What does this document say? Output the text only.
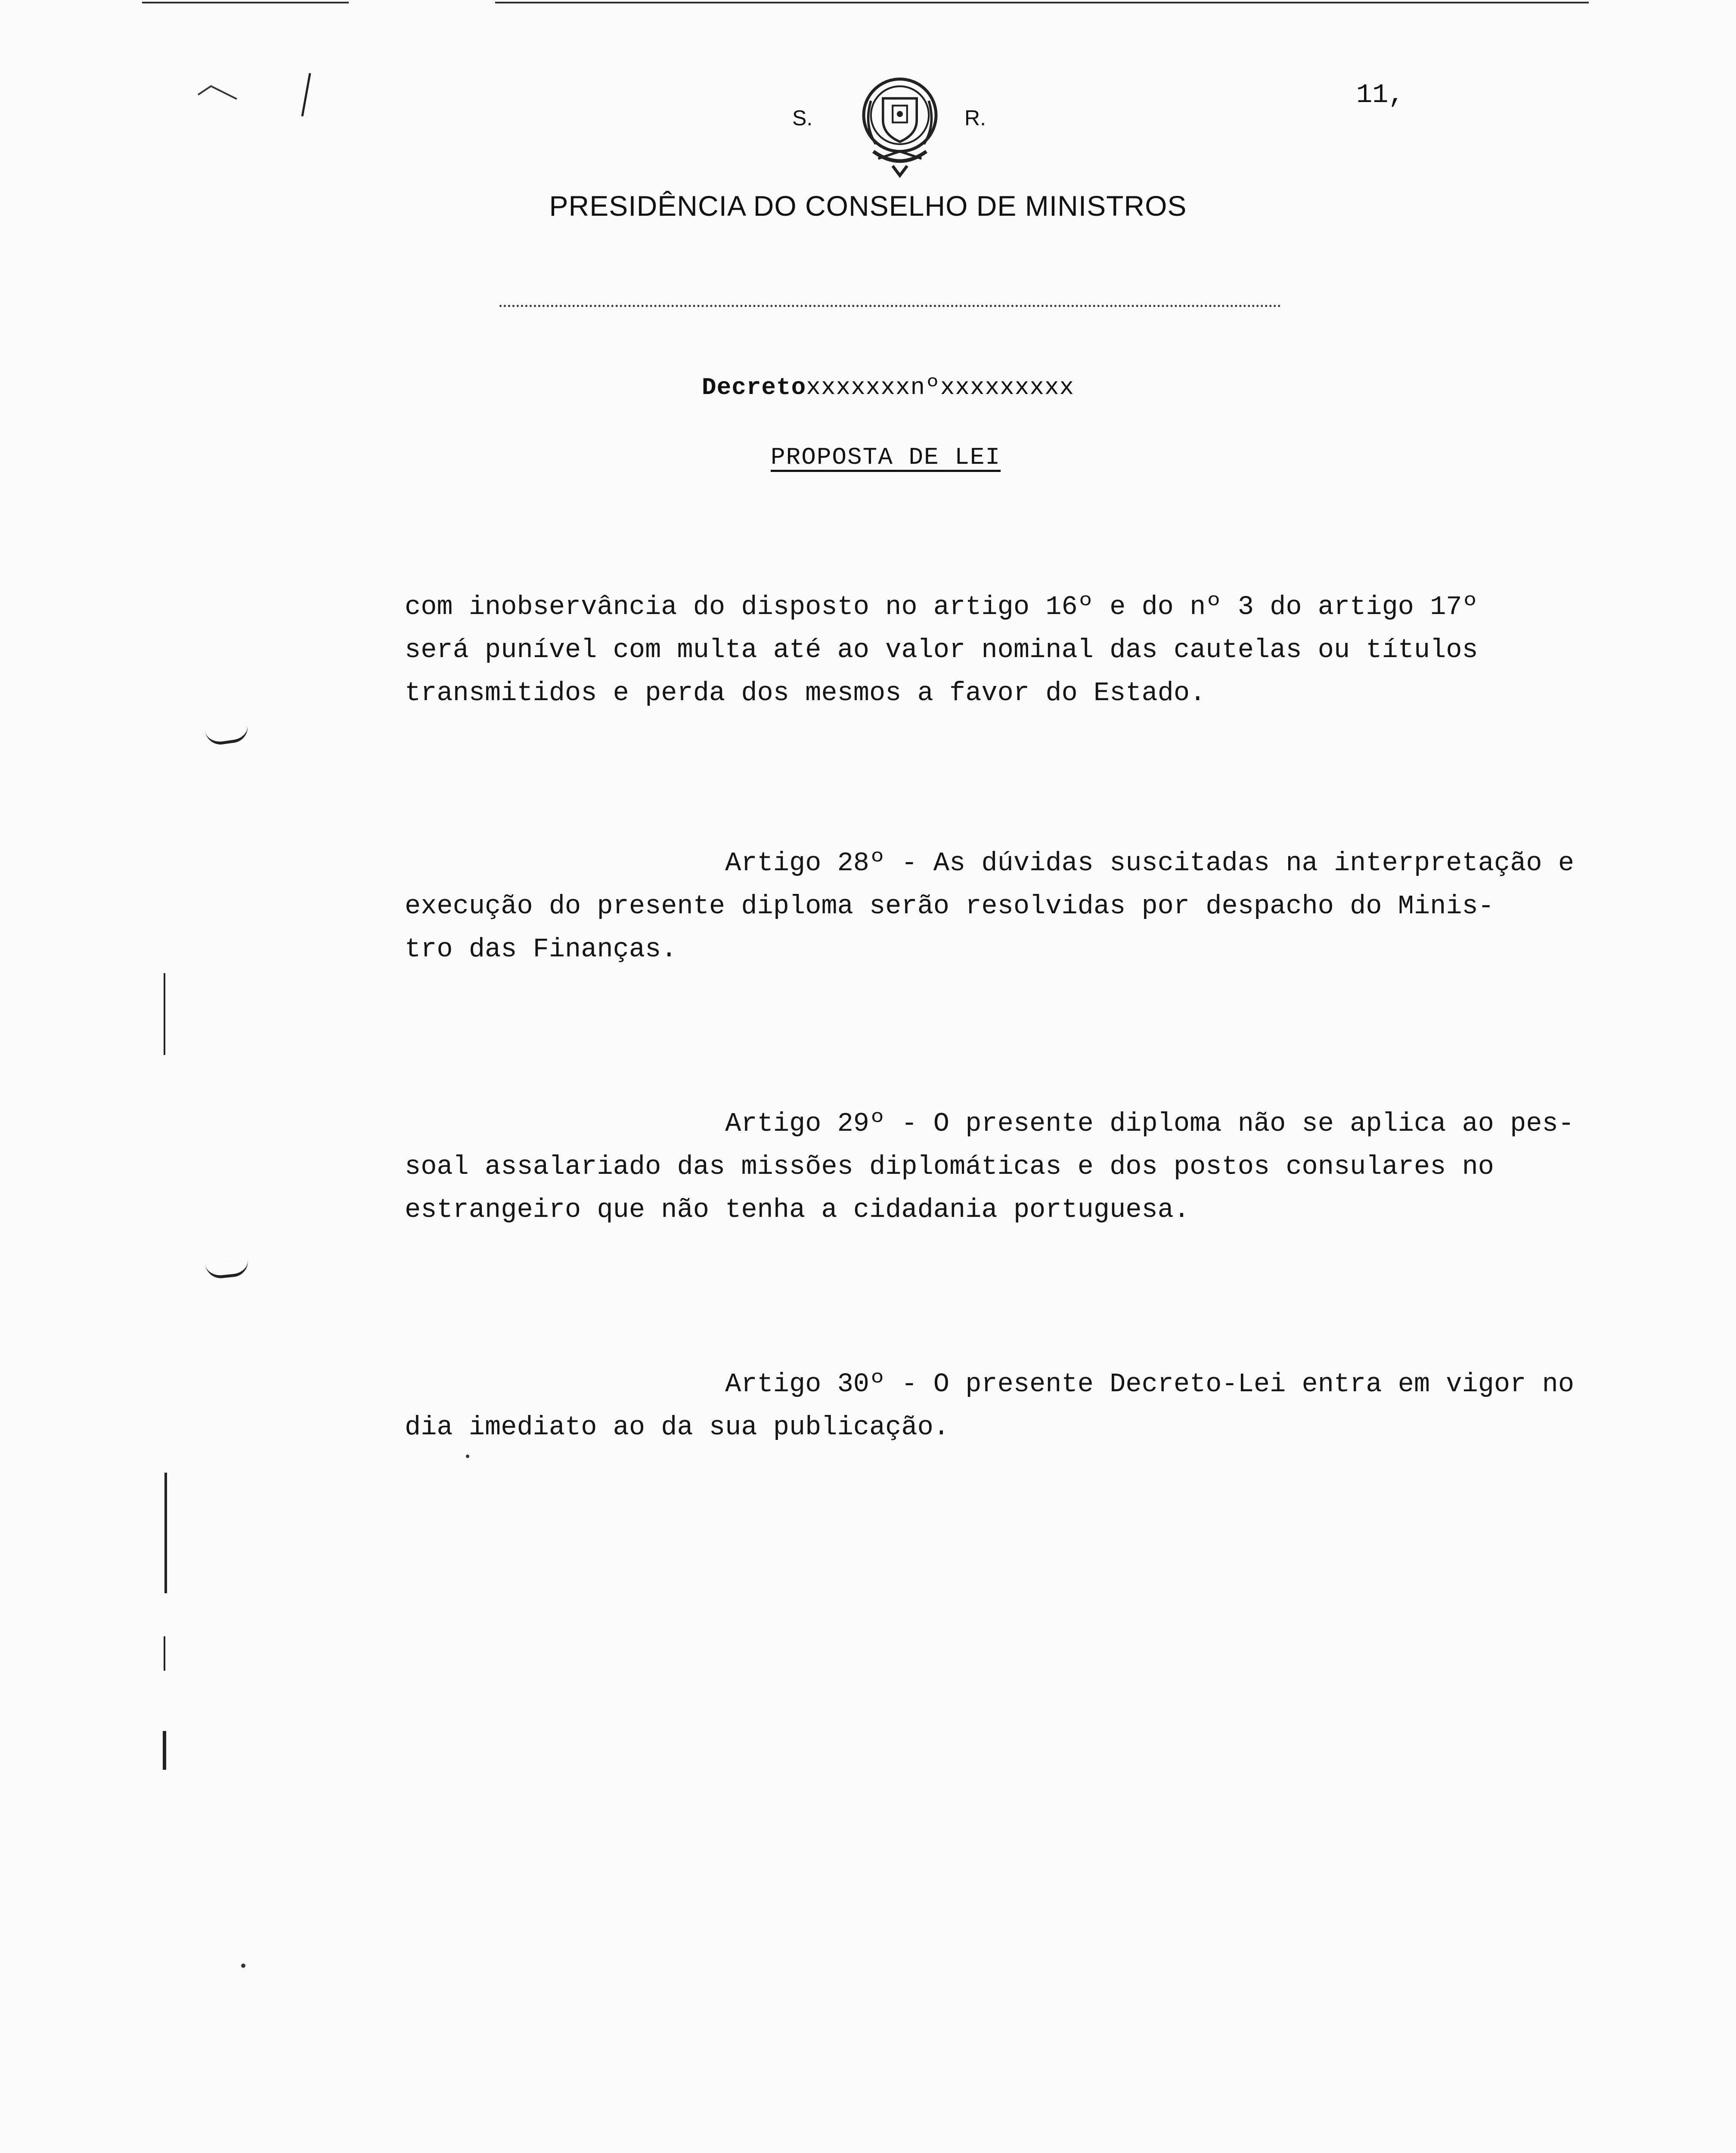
S.	R.
11,
PRESIDÊNCIA DO CONSELHO DE MINISTROS
Decretoxxxxxxxnºxxxxxxxxx
PROPOSTA DE LEI
com inobservância do disposto no artigo 16º e do nº 3 do artigo 17º
será punível com multa até ao valor nominal das cautelas ou títulos
transmitidos e perda dos mesmos a favor do Estado.
Artigo 28º - As dúvidas suscitadas na interpretação e
execução do presente diploma serão resolvidas por despacho do Minis-
tro das Finanças.
Artigo 29º - O presente diploma não se aplica ao pes-
soal assalariado das missões diplomáticas e dos postos consulares no
estrangeiro que não tenha a cidadania portuguesa.
Artigo 30º - O presente Decreto-Lei entra em vigor no
dia imediato ao da sua publicação.
